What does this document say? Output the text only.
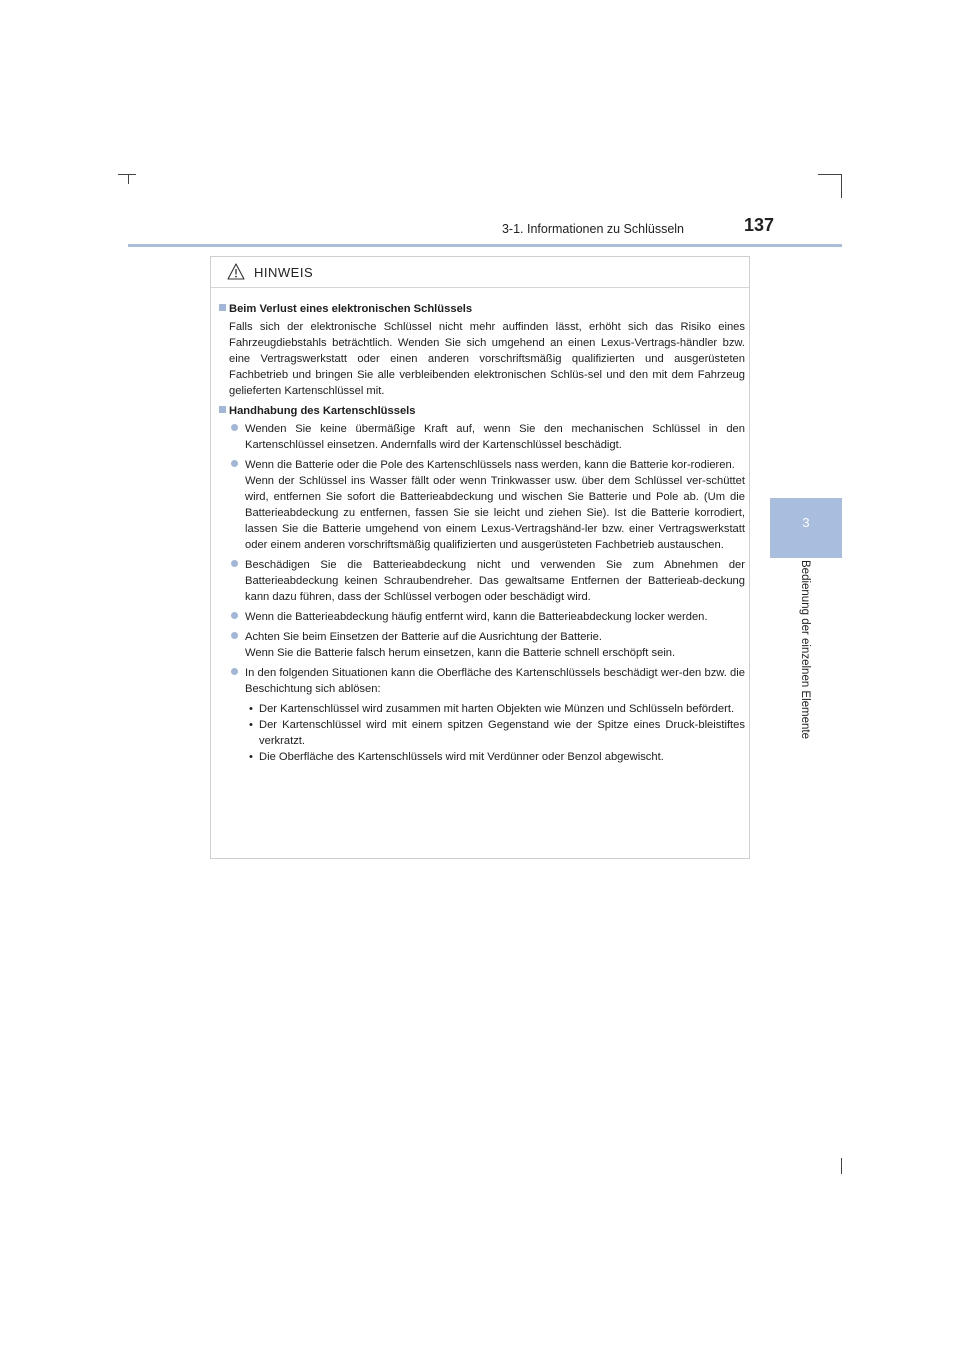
3-1. Informationen zu Schlüsseln	137
3
Bedienung der einzelnen Elemente
HINWEIS
Beim Verlust eines elektronischen Schlüssels
Falls sich der elektronische Schlüssel nicht mehr auffinden lässt, erhöht sich das Risiko eines Fahrzeugdiebstahls beträchtlich. Wenden Sie sich umgehend an einen Lexus-Vertrags-händler bzw. eine Vertragswerkstatt oder einen anderen vorschriftsmäßig qualifizierten und ausgerüsteten Fachbetrieb und bringen Sie alle verbleibenden elektronischen Schlüs-sel und den mit dem Fahrzeug gelieferten Kartenschlüssel mit.
Handhabung des Kartenschlüssels

Wenden Sie keine übermäßige Kraft auf, wenn Sie den mechanischen Schlüssel in den Kartenschlüssel einsetzen. Andernfalls wird der Kartenschlüssel beschädigt.

Wenn die Batterie oder die Pole des Kartenschlüssels nass werden, kann die Batterie kor-rodieren.

Wenn der Schlüssel ins Wasser fällt oder wenn Trinkwasser usw. über dem Schlüssel ver-schüttet wird, entfernen Sie sofort die Batterieabdeckung und wischen Sie Batterie und Pole ab. (Um die Batterieabdeckung zu entfernen, fassen Sie sie leicht und ziehen Sie). Ist die Batterie korrodiert, lassen Sie die Batterie umgehend von einem Lexus-Vertragshänd-ler bzw. einer Vertragswerkstatt oder einem anderen vorschriftsmäßig qualifizierten und ausgerüsteten Fachbetrieb austauschen.

Beschädigen Sie die Batterieabdeckung nicht und verwenden Sie zum Abnehmen der Batterieabdeckung keinen Schraubendreher. Das gewaltsame Entfernen der Batterieab-deckung kann dazu führen, dass der Schlüssel verbogen oder beschädigt wird.

Wenn die Batterieabdeckung häufig entfernt wird, kann die Batterieabdeckung locker werden.

Achten Sie beim Einsetzen der Batterie auf die Ausrichtung der Batterie.

Wenn Sie die Batterie falsch herum einsetzen, kann die Batterie schnell erschöpft sein.

In den folgenden Situationen kann die Oberfläche des Kartenschlüssels beschädigt wer-den bzw. die Beschichtung sich ablösen:

• Der Kartenschlüssel wird zusammen mit harten Objekten wie Münzen und Schlüsseln befördert.
• Der Kartenschlüssel wird mit einem spitzen Gegenstand wie der Spitze eines Druck-bleistiftes verkratzt.
• Die Oberfläche des Kartenschlüssels wird mit Verdünner oder Benzol abgewischt.
